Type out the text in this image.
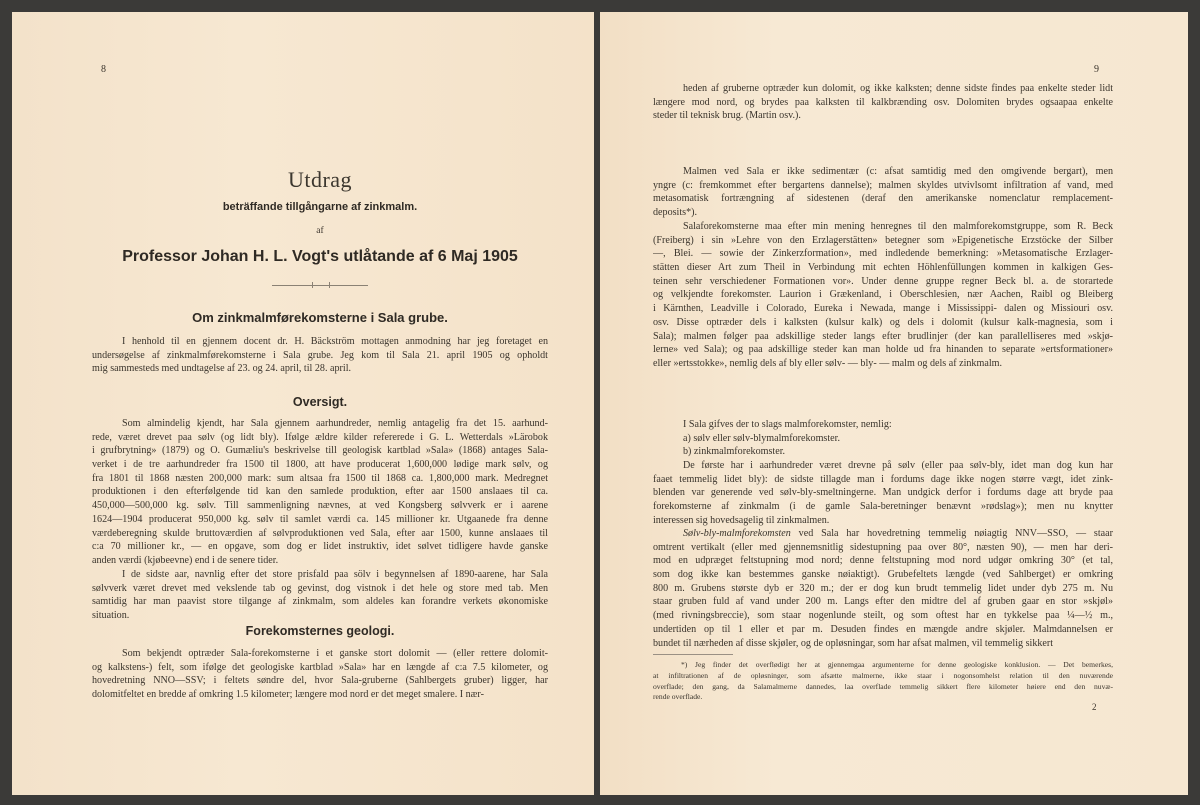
8
Utdrag
beträffande tillgångarne af zinkmalm.
af
Professor Johan H. L. Vogt's utlåtande af 6 Maj 1905
Om zinkmalmførekomsterne i Sala grube.
I henhold til en gjennem docent dr. H. Bäckström mottagen anmodning har jeg foretaget en
undersøgelse af zinkmalmførekomsterne i Sala grube. Jeg kom til Sala 21. april 1905 og opholdt
mig sammesteds med undtagelse af 23. og 24. april, til 28. april.
Oversigt.
Som almindelig kjendt, har Sala gjennem aarhundreder, nemlig antagelig fra det 15. aarhund-
rede, været drevet paa sølv (og lidt bly). Ifølge ældre kilder refererede i G. L. Wetterdals »Lärobok
i grufbrytning» (1879) og O. Gumæliu's beskrivelse till geologisk kartblad »Sala» (1868) antages Sala-
verket i de tre aarhundreder fra 1500 til 1800, att have producerat 1,600,000 lødige mark sølv, og
fra 1801 til 1868 næsten 200,000 mark: sum altsaa fra 1500 til 1868 ca. 1,800,000 mark. Medregnet
produktionen i den efterfølgende tid kan den samlede produktion, efter aar 1500 anslaaes til ca.
450,000—500,000 kg. sølv. Till sammenligning nævnes, at ved Kongsberg sølvverk er i aarene
1624—1904 producerat 950,000 kg. sølv til samlet værdi ca. 145 millioner kr. Utgaanede fra denne
værdeberegning skulde bruttoværdien af sølvproduktionen ved Sala, efter aar 1500, kunne anslaaes til
c:a 70 millioner kr., — en opgave, som dog er lidet instruktiv, idet sølvet tidligere havde ganske
anden værdi (kjøbeevne) end i de senere tider.
I de sidste aar, navnlig efter det store prisfald paa sölv i begynnelsen af 1890-aarene, har Sala
sølvverk været drevet med vekslende tab og gevinst, dog vistnok i det hele og store med tab. Men
samtidig har man paavist store tilgange af zinkmalm, som aldeles kan forandre verkets økonomiske
situation.
Forekomsternes geologi.
Som bekjendt optræder Sala-forekomsterne i et ganske stort dolomit — (eller rettere dolomit-
og kalkstens-) felt, som ifølge det geologiske kartblad »Sala» har en længde af c:a 7.5 kilometer, og
hovedretning NNO—SSV; i feltets søndre del, hvor Sala-gruberne (Sahlbergets gruber) ligger, har
dolomitfeltet en bredde af omkring 1.5 kilometer; længere mod nord er det meget smalere. I nær-
9
heden af gruberne optræder kun dolomit, og ikke kalksten; denne sidste findes paa enkelte steder lidt
længere mod nord, og brydes paa kalksten til kalkbrænding osv. Dolomiten brydes ogsaapaa enkelte
steder til teknisk brug. (Martin osv.).
Malmen ved Sala er ikke sedimentær (c: afsat samtidig med den omgivende bergart), men
yngre (c: fremkommet efter bergartens dannelse); malmen skyldes utvivlsomt infiltration af vand, med
metasomatisk fortrængning af sidestenen (deraf den amerikanske nomenclatur remplacement-
deposits*).
Salaforekomsterne maa efter min mening henregnes til den malmforekomstgruppe, som R. Beck
(Freiberg) i sin »Lehre von den Erzlagerstätten» betegner som »Epigenetische Erzstöcke der Silber
—, Blei. — sowie der Zinkerzformation», med indledende bemerkning: »Metasomatische Erzlager-
stätten dieser Art zum Theil in Verbindung mit echten Höhlenfüllungen kommen in kalkigen Ges-
teinen sehr verschiedener Formationen vor». Under denne gruppe regner Beck bl. a. de storartede
og velkjendte forekomster. Laurion i Grækenland, i Oberschlesien, nær Aachen, Raibl og Bleiberg
i Kärnthen, Leadville i Colorado, Eureka i Newada, mange i Mississippi- dalen og Missiouri osv.
osv. Disse optræder dels i kalksten (kulsur kalk) og dels i dolomit (kulsur kalk-magnesia, som i
Sala); malmen følger paa adskillige steder langs efter brudlinjer (der kan parallelliseres med »skjø-
lerne» ved Sala); og paa adskillige steder kan man holde ud fra hinanden to separate »ertsformationer»
eller »ertsstokke», nemlig dels af bly eller sølv- — bly- — malm og dels af zinkmalm.
I Sala gifves der to slags malmforekomster, nemlig:
a) sølv eller sølv-blymalmforekomster.
b) zinkmalmforekomster.
De første har i aarhundreder været drevne på sølv (eller paa sølv-bly, idet man dog kun har
faaet temmelig lidet bly): de sidste tillagde man i fordums dage ikke nogen større vægt, idet zink-
blenden var generende ved sølv-bly-smeltningerne. Man undgick derfor i fordums dage att bryde paa
forekomsterne af zinkmalm (i de gamle Sala-beretninger benævnt »rødslag»); men nu knytter
interessen sig hovedsagelig til zinkmalmen.
Sølv-bly-malmforekomsten ved Sala har hovedretning temmelig nøiagtig NNV—SSO, — staar
omtrent vertikalt (eller med gjennemsnitlig sidestupning paa over 80°, næsten 90), — men har deri-
mod en udpræget feltstupning mod nord; denne feltstupning mod nord udgør omkring 30° (et tal,
som dog ikke kan bestemmes ganske nøiaktigt). Grubefeltets længde (ved Sahlberget) er omkring
800 m. Grubens største dyb er 320 m.; der er dog kun brudt temmelig lidet under dyb 275 m. Nu
staar gruben fuld af vand under 200 m. Langs efter den midtre del af gruben gaar en stor »skjøl»
(med rivningsbreccie), som staar nogenlunde steilt, og som oftest har en tykkelse paa ¼—½ m.,
undertiden op til 1 eller et par m. Desuden findes en mængde andre skjøler. Malmdannelsen er
bundet til nærheden af disse skjøler, og de opløsningar, som har afsat malmen, vil temmelig sikkert
*) Jeg finder det overflødigt her at gjennemgaa argumenterne for denne geologiske konklusion. — Det bemerkes,
at infiltrationen af de opløsninger, som afsætte malmerne, ikke staar i nogonsomhelst relation til den nuværende
overflade; den gang, da Salamalmerne dannedes, laa overflade temmelig sikkert flere kilometer høiere end den nuvæ-
rende overflade.
2
